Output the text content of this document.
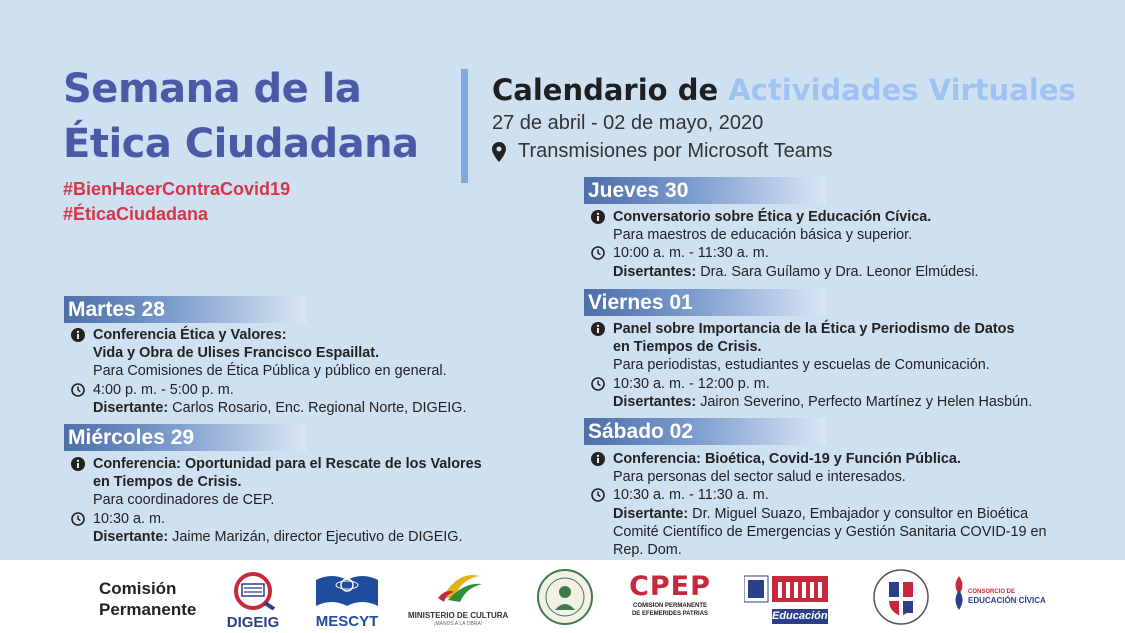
Semana de la
Ética Ciudadana
#BienHacerContraCovid19
#ÉticaCiudadana
Calendario de Actividades Virtuales
27 de abril - 02 de mayo, 2020
Transmisiones por Microsoft Teams
Martes 28
Conferencia Ética y Valores:
Vida y Obra de Ulises Francisco Espaillat.
Para Comisiones de Ética Pública y público en general.
4:00 p. m. - 5:00 p. m.
Disertante: Carlos Rosario, Enc. Regional Norte, DIGEIG.
Miércoles 29
Conferencia: Oportunidad para el Rescate de los Valores
en Tiempos de Crisis.
Para coordinadores de CEP.
10:30 a. m.
Disertante: Jaime Marizán, director Ejecutivo de DIGEIG.
Jueves 30
Conversatorio sobre Ética y Educación Cívica.
Para maestros de educación básica y superior.
10:00 a. m. - 11:30 a. m.
Disertantes: Dra. Sara Guílamo y Dra. Leonor Elmúdesi.
Viernes 01
Panel sobre Importancia de la Ética y Periodismo de Datos
en Tiempos de Crisis.
Para periodistas, estudiantes y escuelas de Comunicación.
10:30 a. m. - 12:00 p. m.
Disertantes: Jairon Severino, Perfecto Martínez y Helen Hasbún.
Sábado 02
Conferencia: Bioética, Covid-19 y Función Pública.
Para personas del sector salud e interesados.
10:30 a. m. - 11:30 a. m.
Disertante: Dr. Miguel Suazo, Embajador y consultor en Bioética
Comité Científico de Emergencias y Gestión Sanitaria COVID-19 en
Rep. Dom.
Comisión
Permanente
DIGEIG	MESCYT	MINISTERIO DE CULTURA
¡MANOS A LA OBRA!
CPEP
COMISION PERMANENTE
DE EFEMERIDES PATRIAS	Educación
CONSORCIO DE
EDUCACIÓN CÍVICA
